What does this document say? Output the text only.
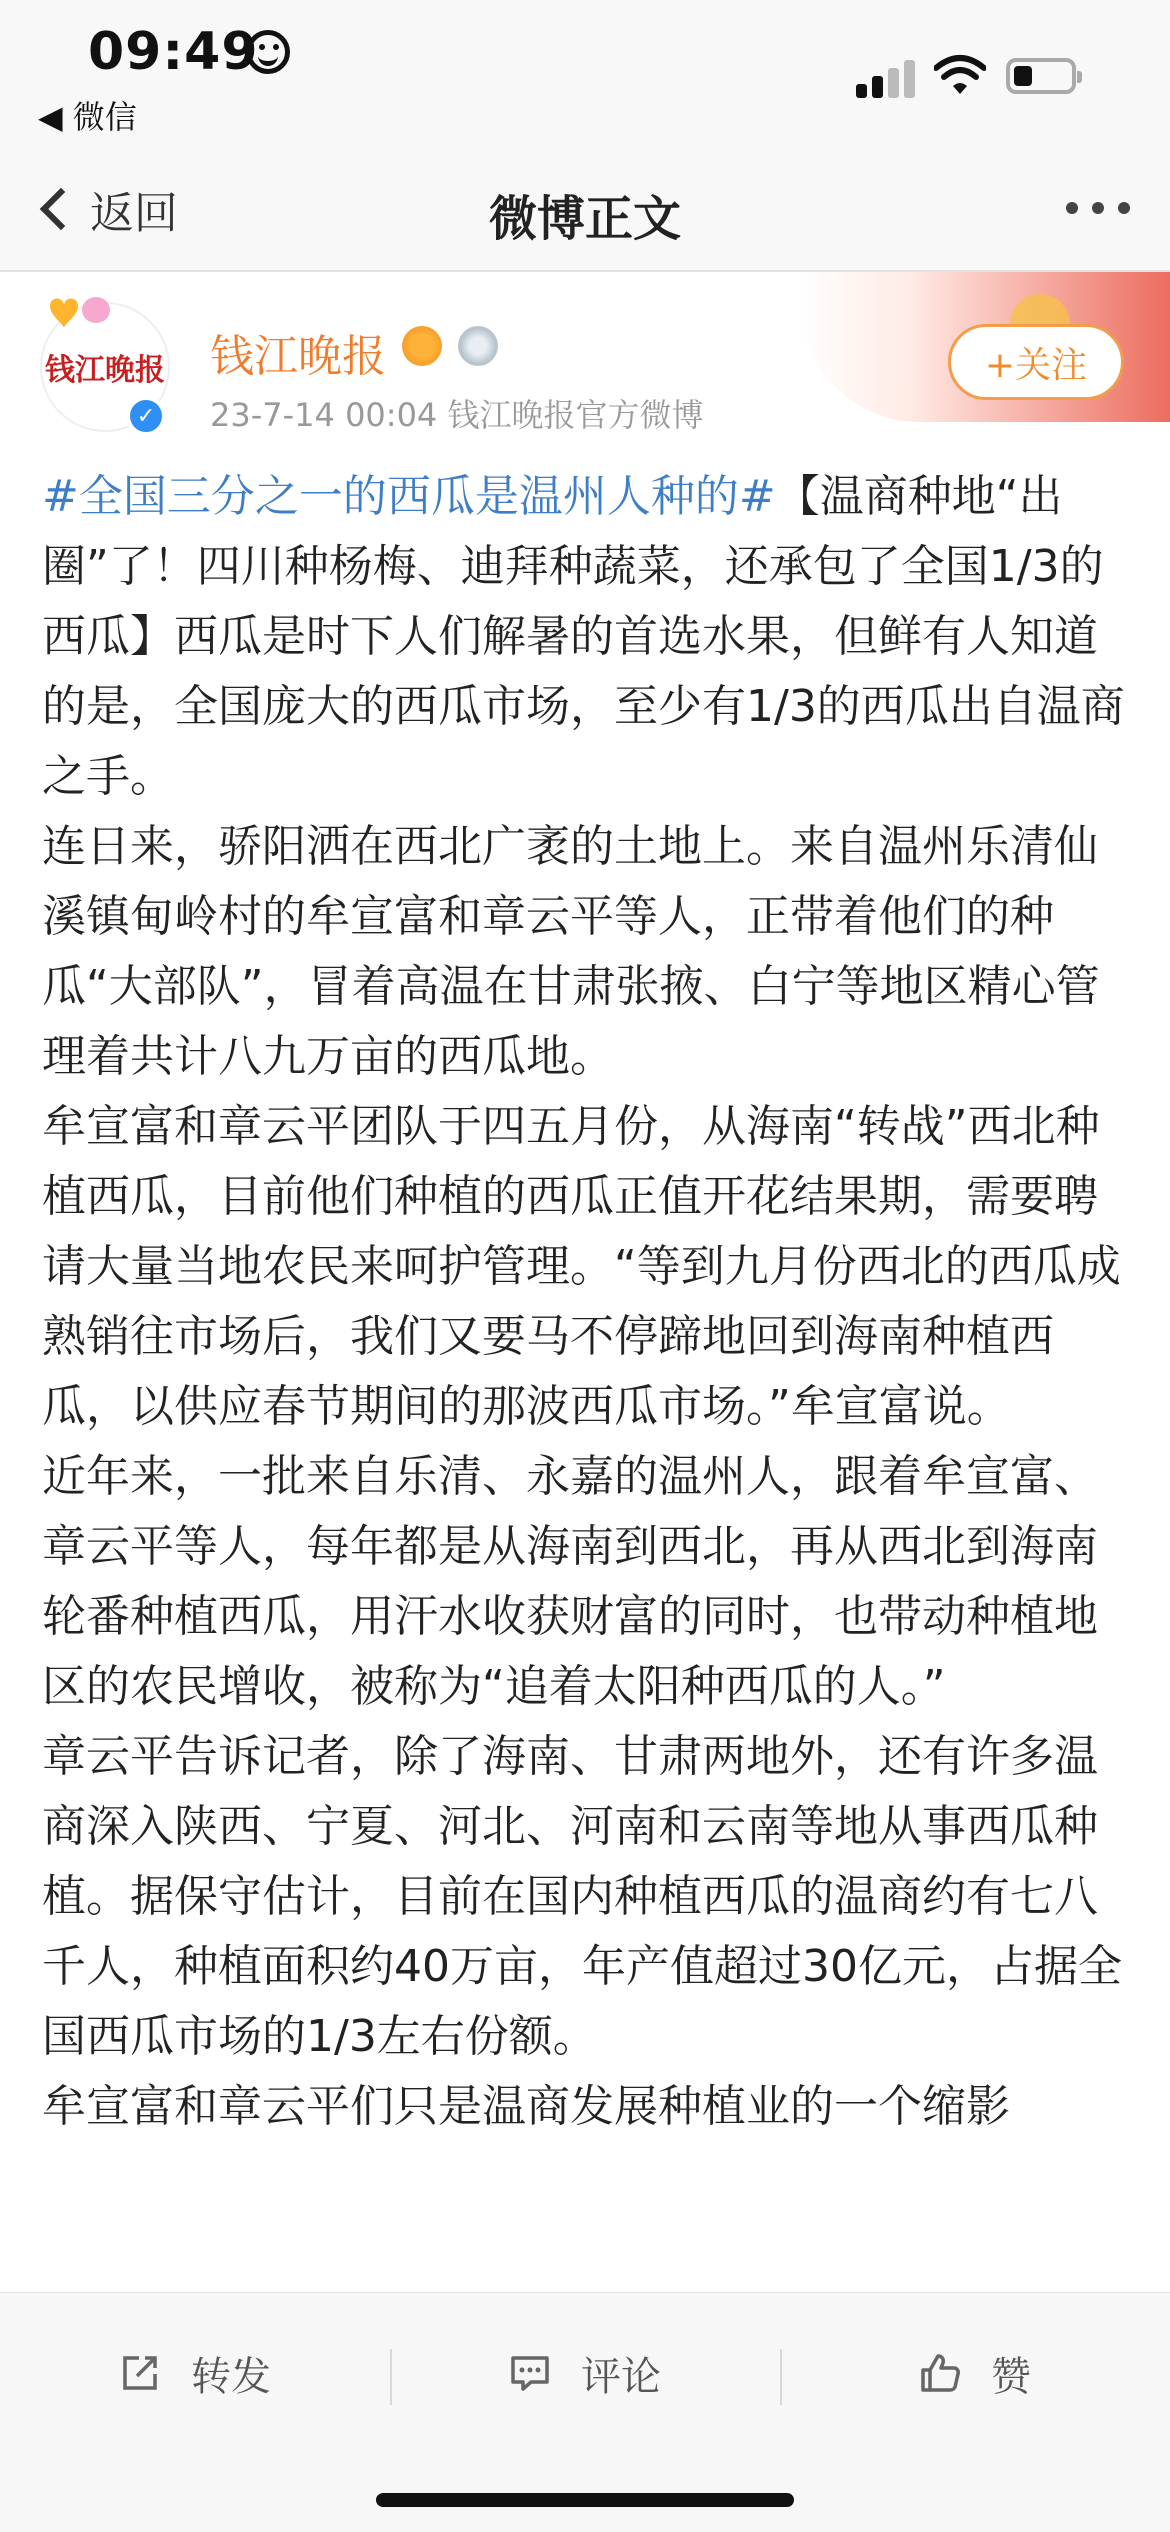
09:49
◀ 微信
返回	微博正文
钱江晚报
✓
钱江晚报
23-7-14 00:04 钱江晚报官方微博
+关注

#全国三分之一的西瓜是温州人种的#【温商种地“出圈”了！四川种杨梅、迪拜种蔬菜，还承包了全国1/3的西瓜】西瓜是时下人们解暑的首选水果，但鲜有人知道的是，全国庞大的西瓜市场，至少有1/3的西瓜出自温商之手。

连日来，骄阳洒在西北广袤的土地上。来自温州乐清仙溪镇甸岭村的牟宣富和章云平等人，正带着他们的种瓜“大部队”，冒着高温在甘肃张掖、白宁等地区精心管理着共计八九万亩的西瓜地。

牟宣富和章云平团队于四五月份，从海南“转战”西北种植西瓜，目前他们种植的西瓜正值开花结果期，需要聘请大量当地农民来呵护管理。“等到九月份西北的西瓜成熟销往市场后，我们又要马不停蹄地回到海南种植西瓜，以供应春节期间的那波西瓜市场。”牟宣富说。

近年来，一批来自乐清、永嘉的温州人，跟着牟宣富、章云平等人，每年都是从海南到西北，再从西北到海南轮番种植西瓜，用汗水收获财富的同时，也带动种植地区的农民增收，被称为“追着太阳种西瓜的人。”

章云平告诉记者，除了海南、甘肃两地外，还有许多温商深入陕西、宁夏、河北、河南和云南等地从事西瓜种植。据保守估计，目前在国内种植西瓜的温商约有七八千人，种植面积约40万亩，年产值超过30亿元，占据全国西瓜市场的1/3左右份额。

牟宣富和章云平们只是温商发展种植业的一个缩影

转发	评论	赞
